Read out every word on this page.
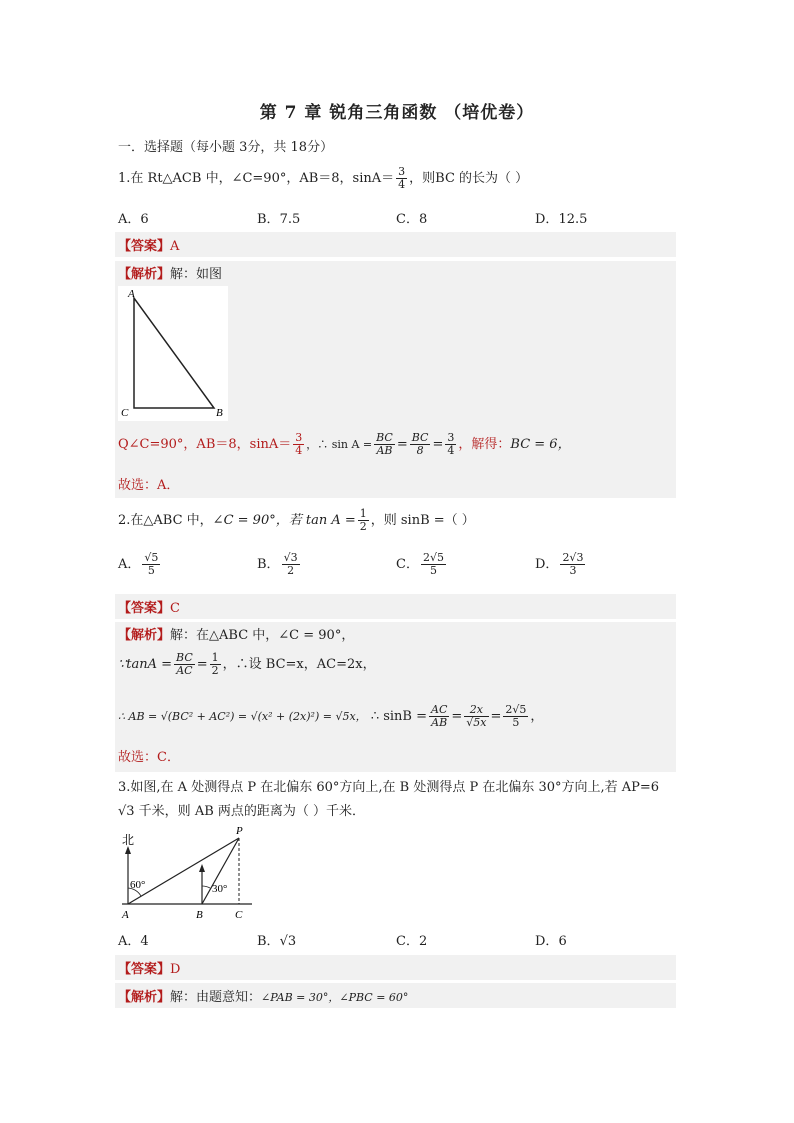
第 7 章 锐角三角函数 （培优卷）
一．选择题（每小题 3分，共 18分）
1.在 Rt△ACB 中，∠C=90°，AB＝8，$\sin A= \frac{3}{4}$ ，则BC 的长为（ ）
A．6	B．7.5	C．8	D．12.5
【答案】A
【解析】解：如图
A
C	B
Q∠C=90°，AB＝8，$\sin A= \frac{3}{4}$ ，∴ $\sin A = \frac{BC}{AB} = \frac{BC}{8} = \frac{3}{4}$ ，解得：BC = 6，
故选：A．
2.在△ABC 中，∠C = 90°，若 $\tan A = \frac{1}{2}$ ，则 sinB =（ ）
A． $\frac{√5}{5}$	B． $\frac{√3}{2}$	C． $\frac{2√5}{5}$	D． $\frac{2√3}{3}$
【答案】C
【解析】解：在△ABC 中，∠C = 90°，
∵tanA = $\frac{BC}{AC} = \frac{1}{2}$ ，∴设 BC=x，AC=2x，
∴ AB = √(BC² + AC²) = √(x² + (2x)²) = √5x， ∴ $\sin B = \frac{AC}{AB} = \frac{2x}{√5x} = \frac{2√5}{5}$ ，
故选：C．
3.如图,在 A 处测得点 P 在北偏东 60°方向上,在 B 处测得点 P 在北偏东 30°方向上,若 AP=6
√3 千米，则 AB 两点的距离为（ ）千米．
北
P
60°	30°
A	B	C
A．4	B．√3	C．2	D．6
【答案】D
【解析】解：由题意知：∠PAB = 30°，∠PBC = 60°
